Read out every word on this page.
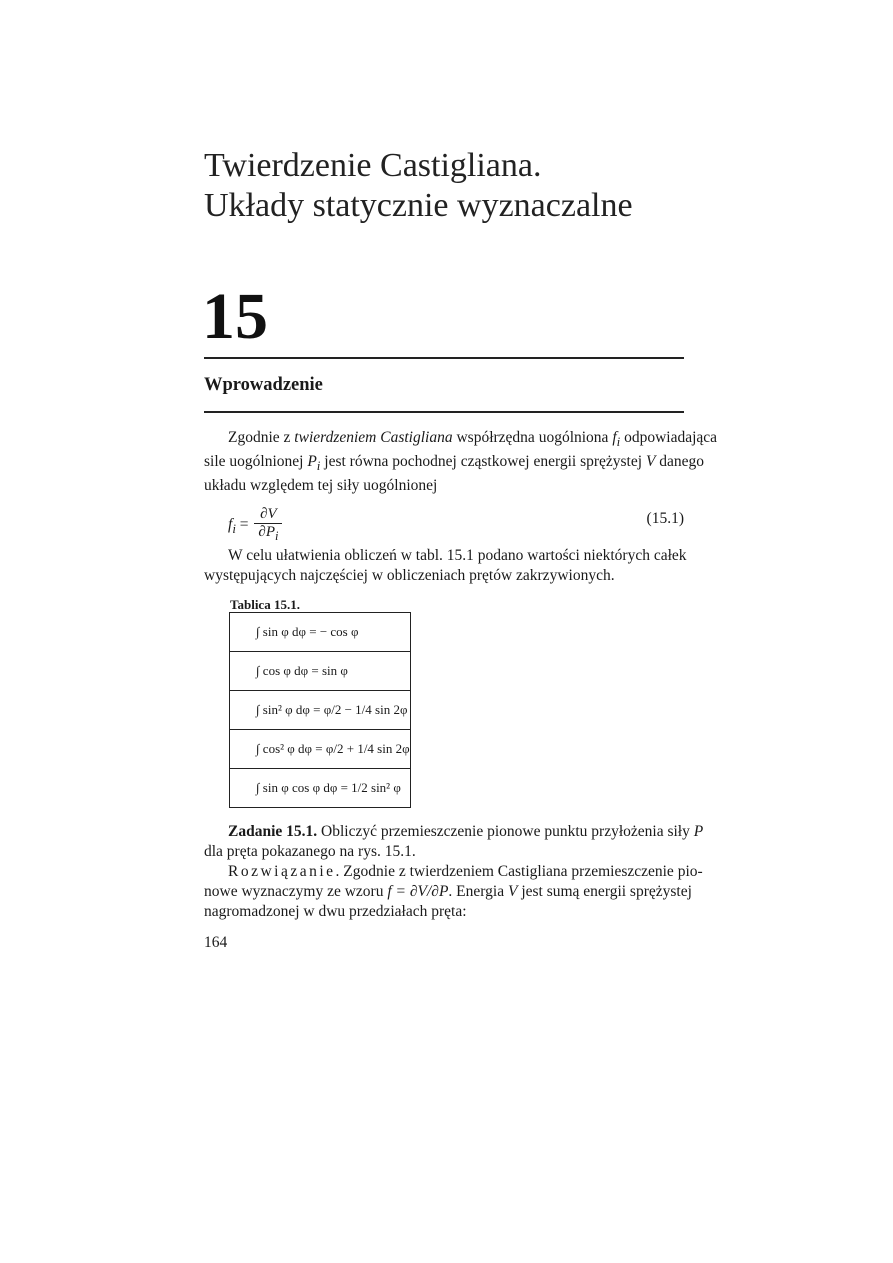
Twierdzenie Castigliana.
Układy statycznie wyznaczalne
15
Wprowadzenie
Zgodnie z twierdzeniem Castigliana współrzędna uogólniona $f_i$ odpowiadająca
sile uogólnionej $P_i$ jest równa pochodnej cząstkowej energii sprężystej V danego
układu względem tej siły uogólnionej
$f_i = \frac{\partial V}{\partial P_i}$	(15.1)
W celu ułatwienia obliczeń w tabl. 15.1 podano wartości niektórych całek
występujących najczęściej w obliczeniach prętów zakrzywionych.
Tablica 15.1.
∫ sin φ dφ = − cos φ
∫ cos φ dφ = sin φ
∫ sin² φ dφ = φ/2 − 1/4 sin 2φ
∫ cos² φ dφ = φ/2 + 1/4 sin 2φ
∫ sin φ cos φ dφ = 1/2 sin² φ
Zadanie 15.1. Obliczyć przemieszczenie pionowe punktu przyłożenia siły P
dla pręta pokazanego na rys. 15.1.
Rozwiązanie. Zgodnie z twierdzeniem Castigliana przemieszczenie pio-
nowe wyznaczymy ze wzoru f = ∂V/∂P. Energia V jest sumą energii sprężystej
nagromadzonej w dwu przedziałach pręta:
164
